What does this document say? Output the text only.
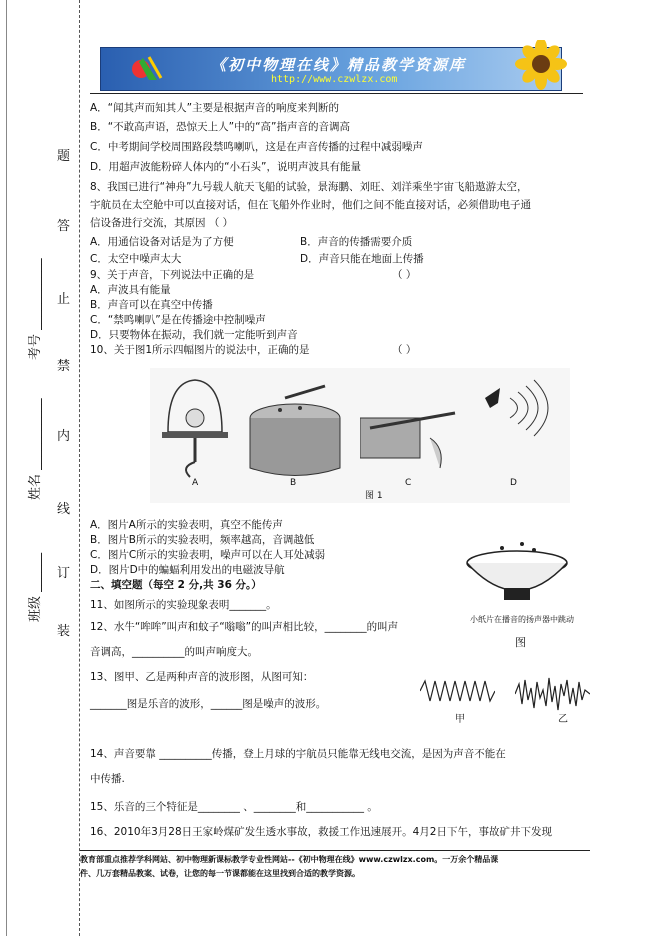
班级 ______
姓名 ___________
考号 ___________
装
订
线
内
禁
止
答
题
《初中物理在线》精品教学资源库
http://www.czwlzx.com
A．“闻其声而知其人”主要是根据声音的响度来判断的
B．“不敢高声语，恐惊天上人”中的“高”指声音的音调高
C．中考期间学校周围路段禁鸣喇叭，这是在声音传播的过程中减弱噪声
D．用超声波能粉碎人体内的“小石头”，说明声波具有能量
8、我国已进行“神舟”九号载人航天飞船的试验，景海鹏、刘旺、刘洋乘坐宇宙飞船遨游太空，
宇航员在太空舱中可以直接对话，但在飞船外作业时，他们之间不能直接对话，必须借助电子通
信设备进行交流，其原因 （ ）
A．用通信设备对话是为了方便	B．声音的传播需要介质
C．太空中噪声太大	D．声音只能在地面上传播
9、关于声音，下列说法中正确的是	（ ）
A．声波具有能量
B．声音可以在真空中传播
C．“禁鸣喇叭”是在传播途中控制噪声
D．只要物体在振动，我们就一定能听到声音
10、关于图1所示四幅图片的说法中，正确的是	（ ）
A	B	C	D
图 1
A．图片A所示的实验表明，真空不能传声
B．图片B所示的实验表明，频率越高，音调越低
C．图片C所示的实验表明，噪声可以在人耳处减弱
D．图片D中的蝙蝠利用发出的电磁波导航
二、填空题（每空 2 分,共 36 分。）
小纸片在播音的扬声器中跳动
图
11、如图所示的实验现象表明_______。
12、水牛“哞哞”叫声和蚊子“嗡嗡”的叫声相比较，________的叫声
音调高，__________的叫声响度大。
13、图甲、乙是两种声音的波形图，从图可知：
_______图是乐音的波形，______图是噪声的波形。
甲	乙
14、声音要靠 __________传播，登上月球的宇航员只能靠无线电交流，是因为声音不能在
中传播.
15、乐音的三个特征是________ 、________和___________ 。
16、2010年3月28日王家岭煤矿发生透水事故，救援工作迅速展开。4月2日下午，事故矿井下发现
教育部重点推荐学科网站、初中物理新课标教学专业性网站--《初中物理在线》www.czwlzx.com。一万余个精品课
件、几万套精品教案、试卷，让您的每一节课都能在这里找到合适的教学资源。
